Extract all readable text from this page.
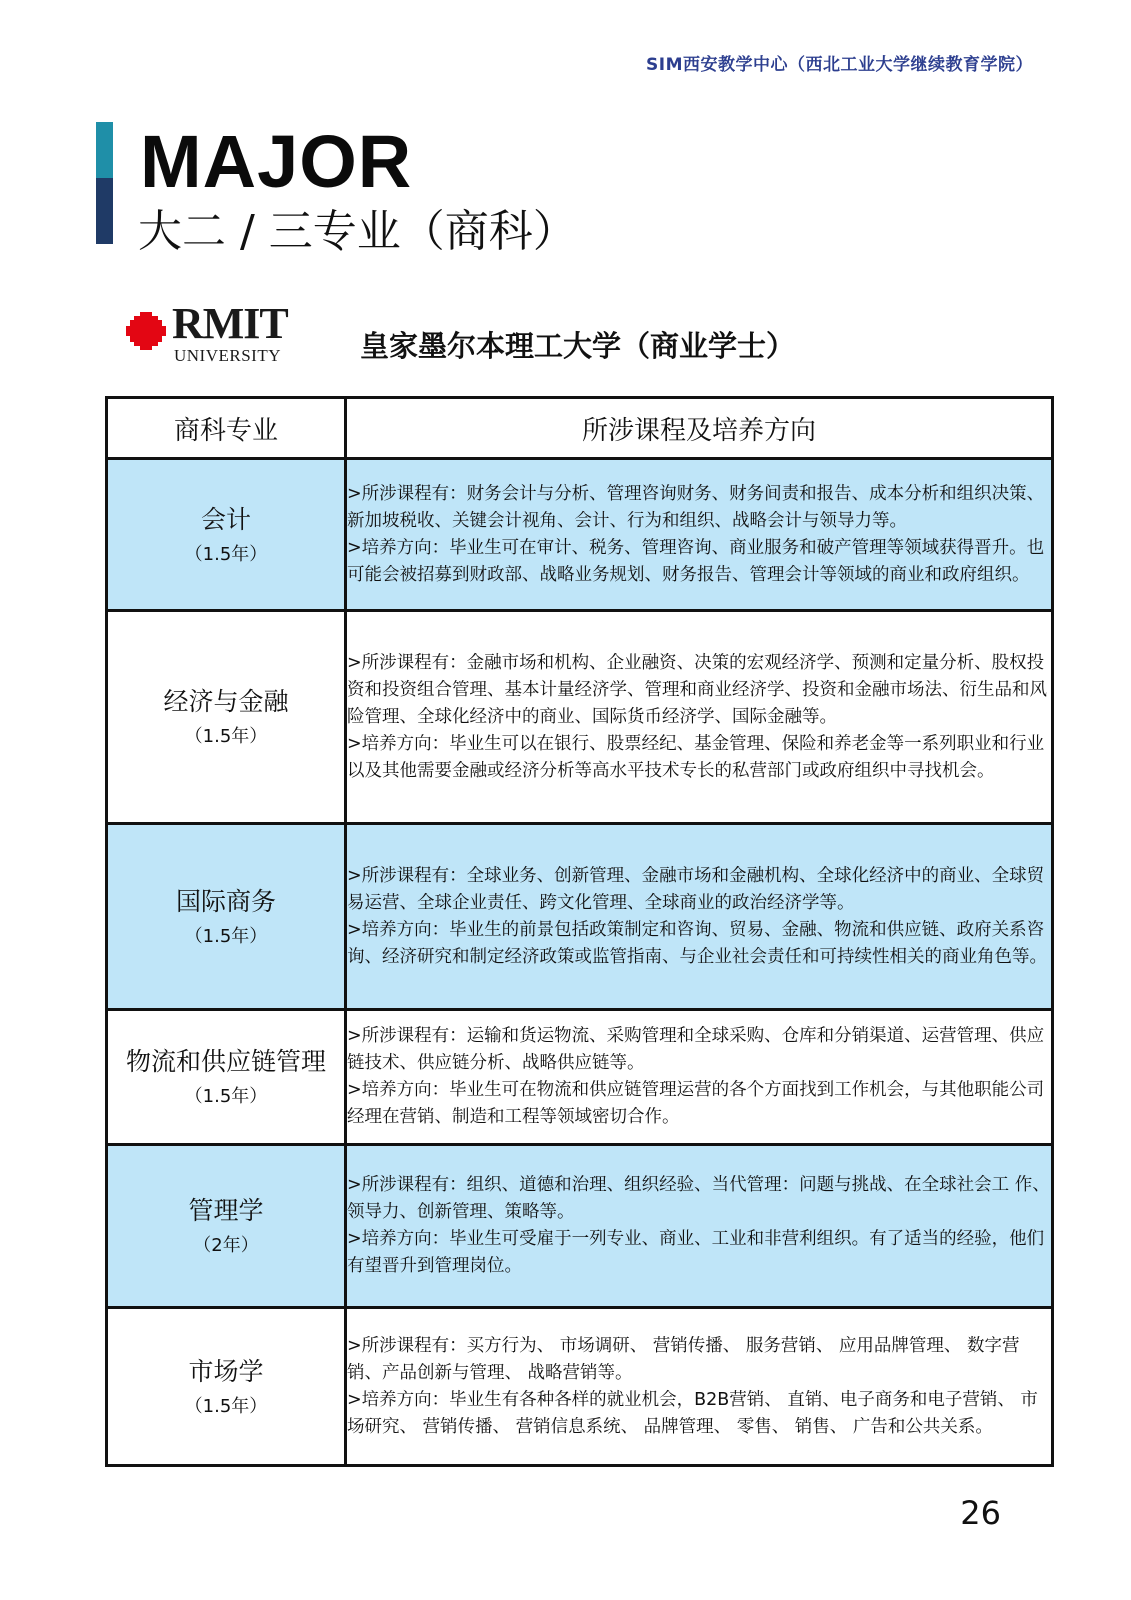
SIM西安教学中心（西北工业大学继续教育学院）
MAJOR
大二 / 三专业（商科）
RMIT
UNIVERSITY	皇家墨尔本理工大学（商业学士）
商科专业	所涉课程及培养方向

会计
（1.5年）	>所涉课程有：财务会计与分析、管理咨询财务、财务间责和报告、成本分析和组织决策、新加坡税收、关键会计视角、会计、行为和组织、战略会计与领导力等。
>培养方向：毕业生可在审计、税务、管理咨询、商业服务和破产管理等领域获得晋升。也可能会被招募到财政部、战略业务规划、财务报告、管理会计等领域的商业和政府组织。

经济与金融
（1.5年）	>所涉课程有：金融市场和机构、企业融资、决策的宏观经济学、预测和定量分析、股权投资和投资组合管理、基本计量经济学、管理和商业经济学、投资和金融市场法、衍生品和风险管理、全球化经济中的商业、国际货币经济学、国际金融等。
>培养方向：毕业生可以在银行、股票经纪、基金管理、保险和养老金等一系列职业和行业以及其他需要金融或经济分析等高水平技术专长的私营部门或政府组织中寻找机会。

国际商务
（1.5年）	>所涉课程有：全球业务、创新管理、金融市场和金融机构、全球化经济中的商业、全球贸易运营、全球企业责任、跨文化管理、全球商业的政治经济学等。
>培养方向：毕业生的前景包括政策制定和咨询、贸易、金融、物流和供应链、政府关系咨询、经济研究和制定经济政策或监管指南、与企业社会责任和可持续性相关的商业角色等。

物流和供应链管理
（1.5年）	>所涉课程有：运输和货运物流、采购管理和全球采购、仓库和分销渠道、运营管理、供应链技术、供应链分析、战略供应链等。
>培养方向：毕业生可在物流和供应链管理运营的各个方面找到工作机会，与其他职能公司经理在营销、制造和工程等领域密切合作。

管理学
（2年）	>所涉课程有：组织、道德和治理、组织经验、当代管理：问题与挑战、在全球社会工 作、领导力、创新管理、策略等。
>培养方向：毕业生可受雇于一列专业、商业、工业和非营利组织。有了适当的经验，他们有望晋升到管理岗位。

市场学
（1.5年）	>所涉课程有：买方行为、 市场调研、 营销传播、 服务营销、 应用品牌管理、 数字营销、产品创新与管理、 战略营销等。
>培养方向：毕业生有各种各样的就业机会，B2B营销、 直销、电子商务和电子营销、 市场研究、 营销传播、 营销信息系统、 品牌管理、 零售、 销售、 广告和公共关系。
26
